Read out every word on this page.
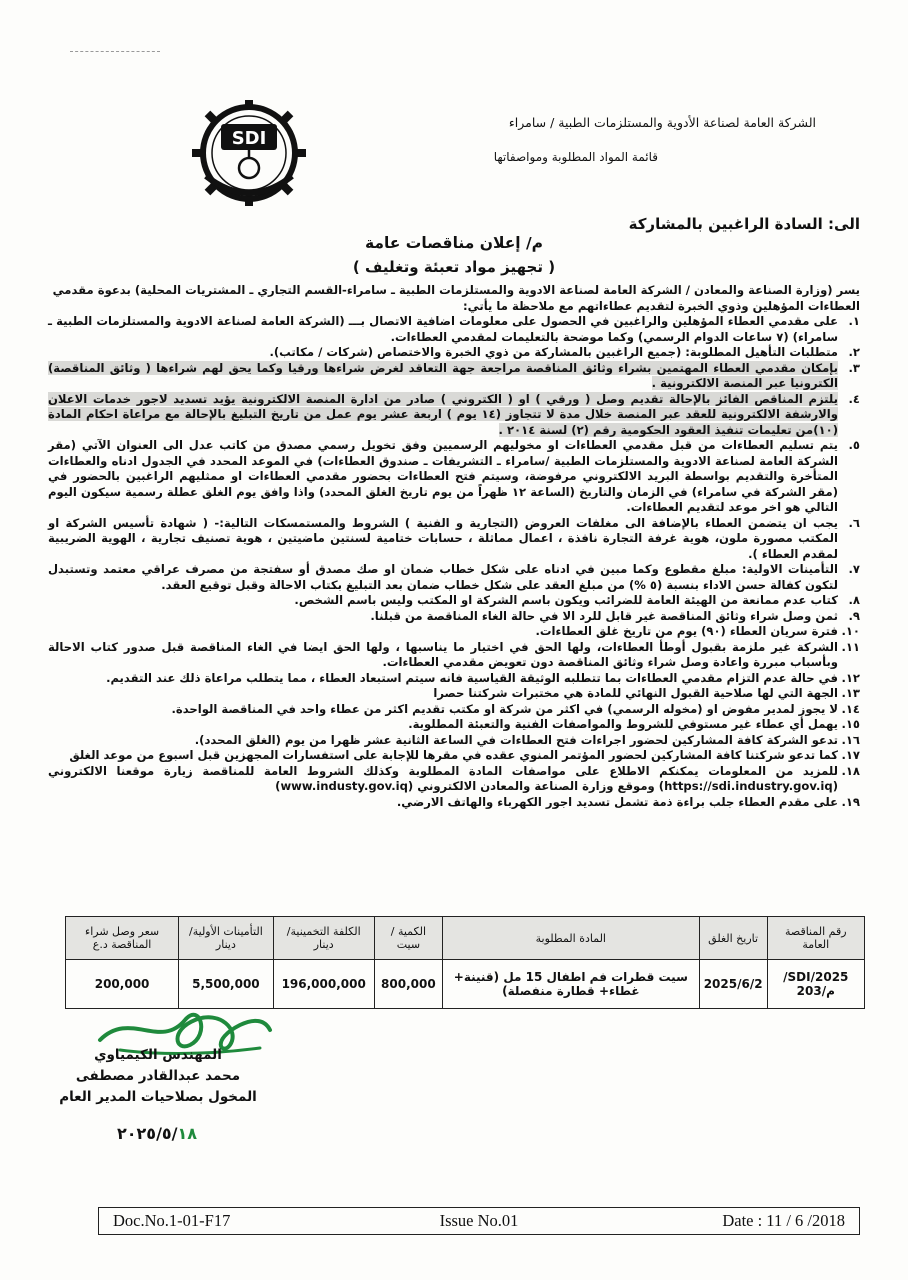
SDI
الشركة العامة لصناعة الأدوية والمستلزمات الطبية / سامراء
قائمة المواد المطلوبة ومواصفاتها
الى: السادة الراغبين بالمشاركة
م/ إعلان مناقصات عامة
( تجهيز مواد تعبئة وتغليف )
يسر (وزارة الصناعة والمعادن / الشركة العامة لصناعة الادوية والمستلزمات الطبية ـ سامراء-القسم التجاري ـ المشتريات المحلية) بدعوة مقدمي العطاءات المؤهلين وذوي الخبرة لتقديم عطاءاتهم مع ملاحظة ما يأتي:
١.
على مقدمي العطاء المؤهلين والراغبين في الحصول على معلومات اضافية الاتصال بـــ (الشركة العامة لصناعة الادوية والمستلزمات الطبية ـ سامراء) (٧ ساعات الدوام الرسمي) وكما موضحة بالتعليمات لمقدمي العطاءات.
٢.
متطلبات التأهيل المطلوبة: (جميع الراغبين بالمشاركة من ذوي الخبرة والاختصاص (شركات / مكاتب).
٣.
بإمكان مقدمي العطاء المهتمين بشراء وثائق المناقصة مراجعة جهة التعاقد لغرض شراءها ورقيا وكما يحق لهم شراءها ( وثائق المناقصة) الكترونيا عبر المنصة الالكترونية .
٤.
يلتزم المناقص الفائز بالإحالة تقديم وصل ( ورقي ) او ( الكتروني ) صادر من ادارة المنصة الالكترونية يؤيد تسديد لاجور خدمات الاعلان والارشفة الالكترونية للعقد عبر المنصة خلال مدة لا تتجاوز (١٤ يوم ) اربعة عشر يوم عمل من تاريخ التبليغ بالإحالة مع مراعاة احكام المادة (١٠)من تعليمات تنفيذ العقود الحكومية رقم (٢) لسنة ٢٠١٤ .
٥.
يتم تسليم العطاءات من قبل مقدمي العطاءات او مخوليهم الرسميين وفق تخويل رسمي مصدق من كاتب عدل الى العنوان الآتي (مقر الشركة العامة لصناعة الادوية والمستلزمات الطبية /سامراء ـ التشريفات ـ صندوق العطاءات) في الموعد المحدد في الجدول ادناه والعطاءات المتأخرة والتقديم بواسطة البريد الالكتروني مرفوضة، وسيتم فتح العطاءات بحضور مقدمي العطاءات او ممثليهم الراغبين بالحضور في (مقر الشركة في سامراء) في الزمان والتاريخ (الساعة ١٢ ظهراً من يوم تاريخ الغلق المحدد) واذا وافق يوم الغلق عطلة رسمية سيكون اليوم التالي هو اخر موعد لتقديم العطاءات.
٦.
يجب ان يتضمن العطاء بالإضافة الى مغلفات العروض (التجارية و الفنية ) الشروط والمستمسكات التالية:- ( شهادة تأسيس الشركة او المكتب مصورة ملون، هوية غرفة التجارة نافذة ، اعمال مماثلة ، حسابات ختامية لسنتين ماضيتين ، هوية تصنيف تجارية ، الهوية الضريبية لمقدم العطاء ).
٧.
التأمينات الاولية: مبلغ مقطوع وكما مبين في ادناه على شكل خطاب ضمان او صك مصدق أو سفتجة من مصرف عراقي معتمد وتستبدل لتكون كفالة حسن الاداء بنسبة (٥ %) من مبلغ العقد على شكل خطاب ضمان بعد التبليغ بكتاب الاحالة وقبل توقيع العقد.
٨.
كتاب عدم ممانعة من الهيئة العامة للضرائب ويكون باسم الشركة او المكتب وليس باسم الشخص.
٩.
ثمن وصل شراء وثائق المناقصة غير قابل للرد الا في حالة الغاء المناقصة من قبلنا.
١٠.
فترة سريان العطاء (٩٠) يوم من تاريخ غلق العطاءات.
١١.
الشركة غير ملزمة بقبول أوطأ العطاءات، ولها الحق في اختيار ما يناسبها ، ولها الحق ايضا في الغاء المناقصة قبل صدور كتاب الاحالة وبأسباب مبررة واعادة وصل شراء وثائق المناقصة دون تعويض مقدمي العطاءات.
١٢.
في حالة عدم التزام مقدمي العطاءات بما تتطلبه الوثيقة القياسية فانه سيتم استبعاد العطاء ، مما يتطلب مراعاة ذلك عند التقديم.
١٣.
الجهة التي لها صلاحية القبول النهائي للمادة هي مختبرات شركتنا حصرا
١٤.
لا يجوز لمدير مفوض او (مخوله الرسمي) في اكثر من شركة او مكتب تقديم اكثر من عطاء واحد في المناقصة الواحدة.
١٥.
يهمل أي عطاء غير مستوفي للشروط والمواصفات الفنية والتعبئة المطلوبة.
١٦.
تدعو الشركة كافة المشاركين لحضور اجراءات فتح العطاءات في الساعة الثانية عشر ظهرا من يوم (الغلق المحدد).
١٧.
كما تدعو شركتنا كافة المشاركين لحضور المؤتمر المنوي عقده في مقرها للإجابة على استفسارات المجهزين قبل اسبوع من موعد الغلق
١٨.
للمزيد من المعلومات يمكنكم الاطلاع على مواصفات المادة المطلوبة وكذلك الشروط العامة للمناقصة زيارة موقعنا الالكتروني (https://sdi.industry.gov.iq) وموقع وزارة الصناعة والمعادن الالكتروني (www.industy.gov.iq)
١٩.
على مقدم العطاء جلب براءة ذمة تشمل تسديد اجور الكهرباء والهاتف الارضي.
رقم المناقصة العامة	تاريخ الغلق	المادة المطلوبة	الكمية / سيت	الكلفة التخمينية/ دينار	التأمينات الأولية/ دينار	سعر وصل شراء المناقصة د.ع
2025/SDI/م/203	2025/6/2	سيت قطرات فم اطفال 15 مل (قنينة+ غطاء+ قطارة منفصلة)	800,000	196,000,000	5,500,000	200,000
المهندس الكيمياوي
محمد عبدالقادر مصطفى
المخول بصلاحيات المدير العام
٢٠٢٥/٥/١٨
Doc.No.1-01-F17	Issue No.01	Date : 11 / 6 /2018
